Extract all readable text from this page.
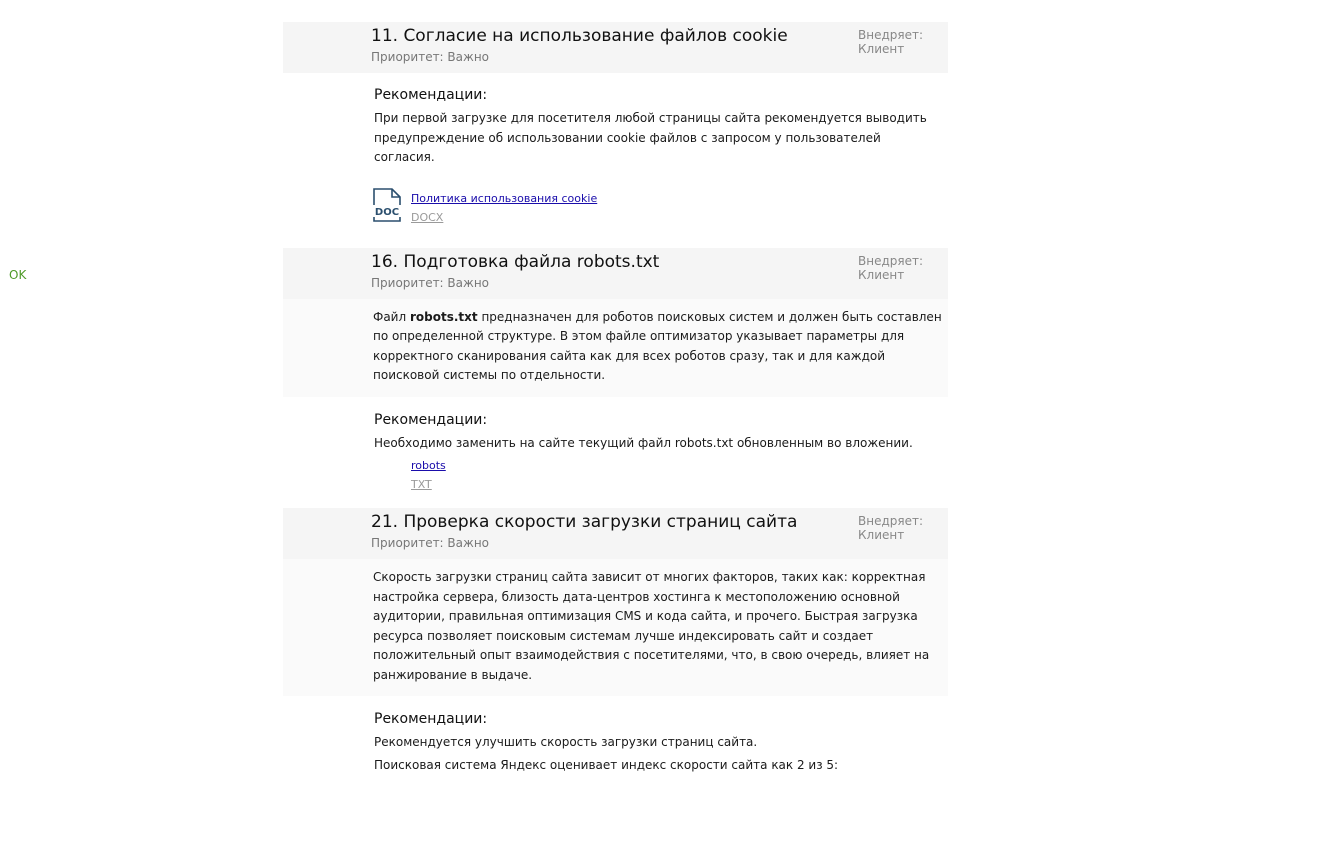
11. Согласие на использование файлов cookie
Приоритет: Важно
Внедряет:
Клиент
Рекомендации:
При первой загрузке для посетителя любой страницы сайта рекомендуется выводить предупреждение об использовании cookie файлов с запросом у пользователей согласия.
DOC
Политика использования cookie
DOCX
OK
16. Подготовка файла robots.txt
Приоритет: Важно
Внедряет:
Клиент
Файл robots.txt предназначен для роботов поисковых систем и должен быть составлен по определенной структуре. В этом файле оптимизатор указывает параметры для корректного сканирования сайта как для всех роботов сразу, так и для каждой поисковой системы по отдельности.
Рекомендации:
Необходимо заменить на сайте текущий файл robots.txt обновленным во вложении.
robots
TXT
21. Проверка скорости загрузки страниц сайта
Приоритет: Важно
Внедряет:
Клиент
Скорость загрузки страниц сайта зависит от многих факторов, таких как: корректная настройка сервера, близость дата-центров хостинга к местоположению основной аудитории, правильная оптимизация CMS и кода сайта, и прочего. Быстрая загрузка ресурса позволяет поисковым системам лучше индексировать сайт и создает положительный опыт взаимодействия с посетителями, что, в свою очередь, влияет на ранжирование в выдаче.
Рекомендации:
Рекомендуется улучшить скорость загрузки страниц сайта.
Поисковая система Яндекс оценивает индекс скорости сайта как 2 из 5:
